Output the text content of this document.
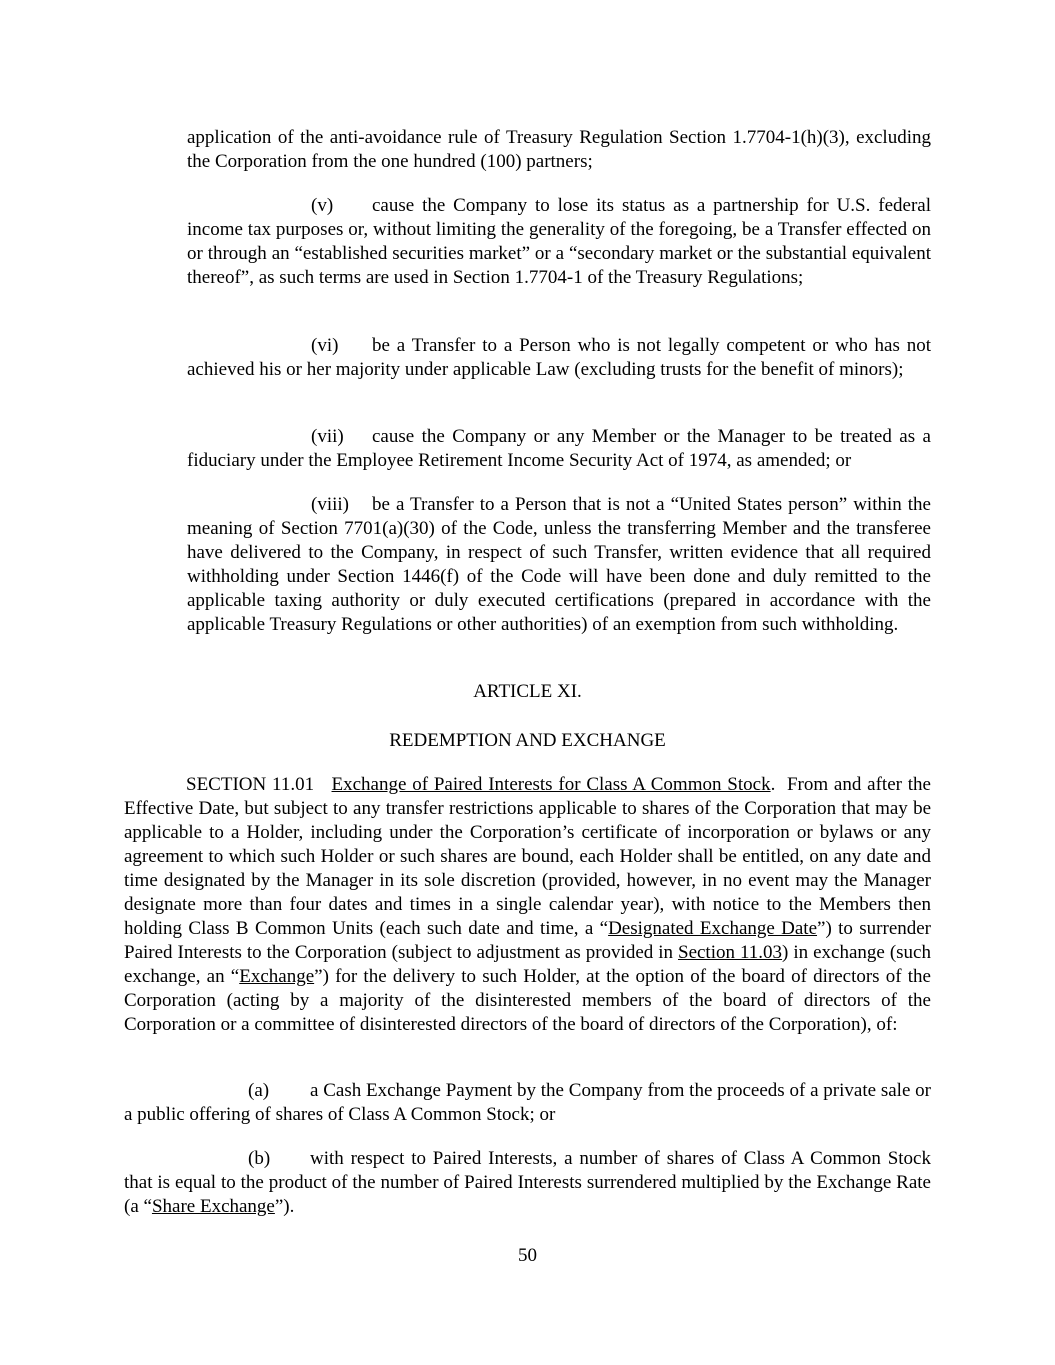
application of the anti-avoidance rule of Treasury Regulation Section 1.7704-1(h)(3), excluding the Corporation from the one hundred (100) partners;

(v) cause the Company to lose its status as a partnership for U.S. federal income tax purposes or, without limiting the generality of the foregoing, be a Transfer effected on or through an “established securities market” or a “secondary market or the substantial equivalent thereof”, as such terms are used in Section 1.7704-1 of the Treasury Regulations;

(vi) be a Transfer to a Person who is not legally competent or who has not achieved his or her majority under applicable Law (excluding trusts for the benefit of minors);

(vii) cause the Company or any Member or the Manager to be treated as a fiduciary under the Employee Retirement Income Security Act of 1974, as amended; or

(viii) be a Transfer to a Person that is not a “United States person” within the meaning of Section 7701(a)(30) of the Code, unless the transferring Member and the transferee have delivered to the Company, in respect of such Transfer, written evidence that all required withholding under Section 1446(f) of the Code will have been done and duly remitted to the applicable taxing authority or duly executed certifications (prepared in accordance with the applicable Treasury Regulations or other authorities) of an exemption from such withholding.

ARTICLE XI.

REDEMPTION AND EXCHANGE

SECTION 11.01 Exchange of Paired Interests for Class A Common Stock. From and after the Effective Date, but subject to any transfer restrictions applicable to shares of the Corporation that may be applicable to a Holder, including under the Corporation’s certificate of incorporation or bylaws or any agreement to which such Holder or such shares are bound, each Holder shall be entitled, on any date and time designated by the Manager in its sole discretion (provided, however, in no event may the Manager designate more than four dates and times in a single calendar year), with notice to the Members then holding Class B Common Units (each such date and time, a “Designated Exchange Date”) to surrender Paired Interests to the Corporation (subject to adjustment as provided in Section 11.03) in exchange (such exchange, an “Exchange”) for the delivery to such Holder, at the option of the board of directors of the Corporation (acting by a majority of the disinterested members of the board of directors of the Corporation or a committee of disinterested directors of the board of directors of the Corporation), of:

(a) a Cash Exchange Payment by the Company from the proceeds of a private sale or a public offering of shares of Class A Common Stock; or

(b) with respect to Paired Interests, a number of shares of Class A Common Stock that is equal to the product of the number of Paired Interests surrendered multiplied by the Exchange Rate (a “Share Exchange”).

50
